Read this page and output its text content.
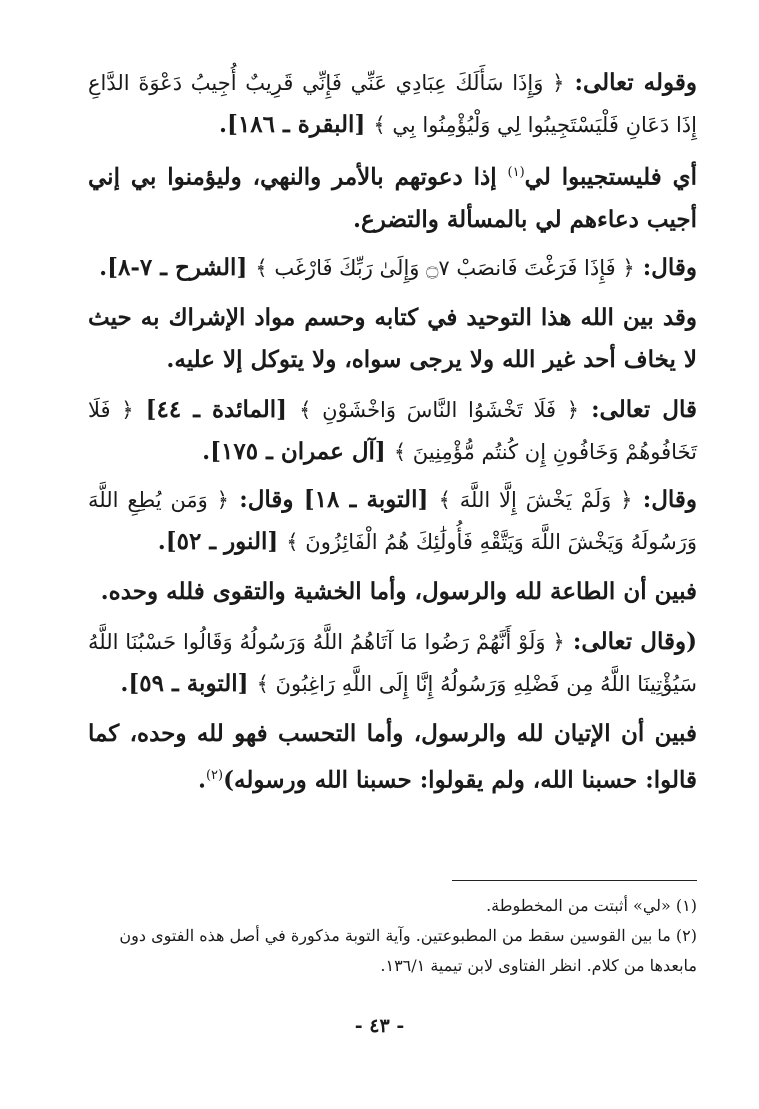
وقوله تعالى: ﴿ وَإِذَا سَأَلَكَ عِبَادِي عَنِّي فَإِنِّي قَرِيبٌ أُجِيبُ دَعْوَةَ الدَّاعِ إِذَا دَعَانِ فَلْيَسْتَجِيبُوا لِي وَلْيُؤْمِنُوا بِي ﴾ [البقرة ـ ١٨٦].

أي فليستجيبوا لي$^{(١)}$ إذا دعوتهم بالأمر والنهي، وليؤمنوا بي إني أجيب دعاءهم لي بالمسألة والتضرع.

وقال: ﴿ فَإِذَا فَرَغْتَ فَانصَبْ ۝٧ وَإِلَىٰ رَبِّكَ فَارْغَب ﴾ [الشرح ـ ٧-٨].

وقد بين الله هذا التوحيد في كتابه وحسم مواد الإشراك به حيث لا يخاف أحد غير الله ولا يرجى سواه، ولا يتوكل إلا عليه.

قال تعالى: ﴿ فَلَا تَخْشَوُا النَّاسَ وَاخْشَوْنِ ﴾ [المائدة ـ ٤٤] ﴿ فَلَا تَخَافُوهُمْ وَخَافُونِ إِن كُنتُم مُّؤْمِنِينَ ﴾ [آل عمران ـ ١٧٥].

وقال: ﴿ وَلَمْ يَخْشَ إِلَّا اللَّهَ ﴾ [التوبة ـ ١٨] وقال: ﴿ وَمَن يُطِعِ اللَّهَ وَرَسُولَهُ وَيَخْشَ اللَّهَ وَيَتَّقْهِ فَأُولَٰئِكَ هُمُ الْفَائِزُونَ ﴾ [النور ـ ٥٢].

فبين أن الطاعة لله والرسول، وأما الخشية والتقوى فلله وحده.

(وقال تعالى: ﴿ وَلَوْ أَنَّهُمْ رَضُوا مَا آتَاهُمُ اللَّهُ وَرَسُولُهُ وَقَالُوا حَسْبُنَا اللَّهُ سَيُؤْتِينَا اللَّهُ مِن فَضْلِهِ وَرَسُولُهُ إِنَّا إِلَى اللَّهِ رَاغِبُونَ ﴾ [التوبة ـ ٥٩].

فبين أن الإتيان لله والرسول، وأما التحسب فهو لله وحده، كما قالوا: حسبنا الله، ولم يقولوا: حسبنا الله ورسوله)$^{(٢)}$.

(١) «لي» أثبتت من المخطوطة.

(٢) ما بين القوسين سقط من المطبوعتين. وآية التوبة مذكورة في أصل هذه الفتوى دون مابعدها من كلام. انظر الفتاوى لابن تيمية ١٣٦/١.

- ٤٣ -
